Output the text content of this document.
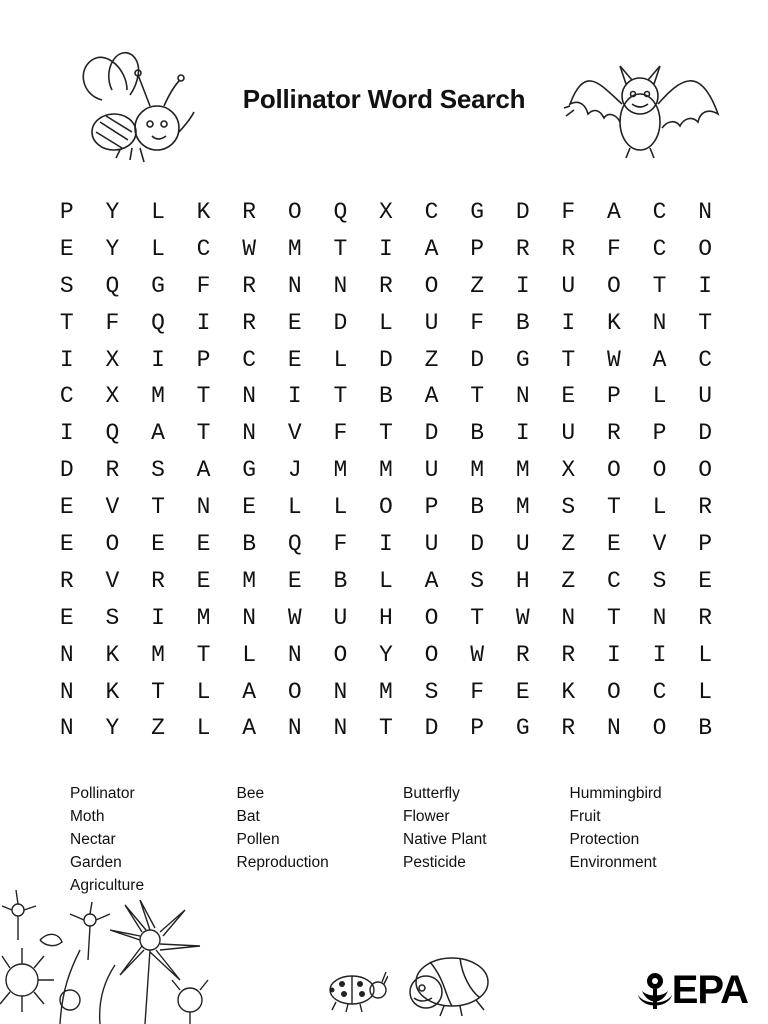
Pollinator Word Search
P	Y	L	K	R	O	Q	X	C	G	D	F	A	C	N
E	Y	L	C	W	M	T	I	A	P	R	R	F	C	O
S	Q	G	F	R	N	N	R	O	Z	I	U	O	T	I
T	F	Q	I	R	E	D	L	U	F	B	I	K	N	T
I	X	I	P	C	E	L	D	Z	D	G	T	W	A	C
C	X	M	T	N	I	T	B	A	T	N	E	P	L	U
I	Q	A	T	N	V	F	T	D	B	I	U	R	P	D
D	R	S	A	G	J	M	M	U	M	M	X	O	O	O
E	V	T	N	E	L	L	O	P	B	M	S	T	L	R
E	O	E	E	B	Q	F	I	U	D	U	Z	E	V	P
R	V	R	E	M	E	B	L	A	S	H	Z	C	S	E
E	S	I	M	N	W	U	H	O	T	W	N	T	N	R
N	K	M	T	L	N	O	Y	O	W	R	R	I	I	L
N	K	T	L	A	O	N	M	S	F	E	K	O	C	L
N	Y	Z	L	A	N	N	T	D	P	G	R	N	O	B
Pollinator
Moth
Nectar
Garden
Agriculture
Bee
Bat
Pollen
Reproduction
Butterfly
Flower
Native Plant
Pesticide
Hummingbird
Fruit
Protection
Environment
EPA
